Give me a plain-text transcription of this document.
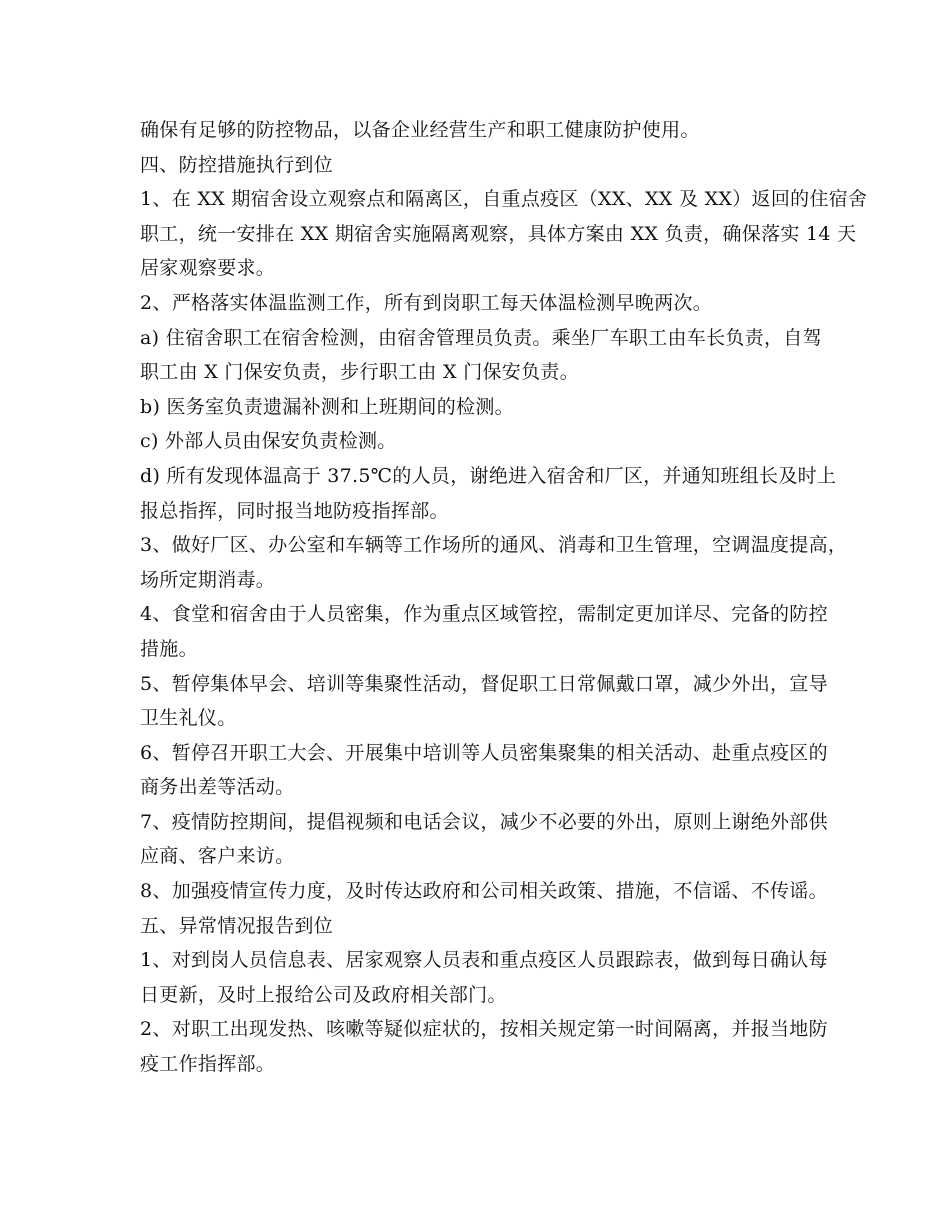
确保有足够的防控物品，以备企业经营生产和职工健康防护使用。
四、防控措施执行到位
1、在 XX 期宿舍设立观察点和隔离区，自重点疫区（XX、XX 及 XX）返回的住宿舍
职工，统一安排在 XX 期宿舍实施隔离观察，具体方案由 XX 负责，确保落实 14 天
居家观察要求。
2、严格落实体温监测工作，所有到岗职工每天体温检测早晚两次。
a) 住宿舍职工在宿舍检测，由宿舍管理员负责。乘坐厂车职工由车长负责，自驾
职工由 X 门保安负责，步行职工由 X 门保安负责。
b) 医务室负责遗漏补测和上班期间的检测。
c) 外部人员由保安负责检测。
d) 所有发现体温高于 37.5℃的人员，谢绝进入宿舍和厂区，并通知班组长及时上
报总指挥，同时报当地防疫指挥部。
3、做好厂区、办公室和车辆等工作场所的通风、消毒和卫生管理，空调温度提高，
场所定期消毒。
4、食堂和宿舍由于人员密集，作为重点区域管控，需制定更加详尽、完备的防控
措施。
5、暂停集体早会、培训等集聚性活动，督促职工日常佩戴口罩，减少外出，宣导
卫生礼仪。
6、暂停召开职工大会、开展集中培训等人员密集聚集的相关活动、赴重点疫区的
商务出差等活动。
7、疫情防控期间，提倡视频和电话会议，减少不必要的外出，原则上谢绝外部供
应商、客户来访。
8、加强疫情宣传力度，及时传达政府和公司相关政策、措施，不信谣、不传谣。
五、异常情况报告到位
1、对到岗人员信息表、居家观察人员表和重点疫区人员跟踪表，做到每日确认每
日更新，及时上报给公司及政府相关部门。
2、对职工出现发热、咳嗽等疑似症状的，按相关规定第一时间隔离，并报当地防
疫工作指挥部。
